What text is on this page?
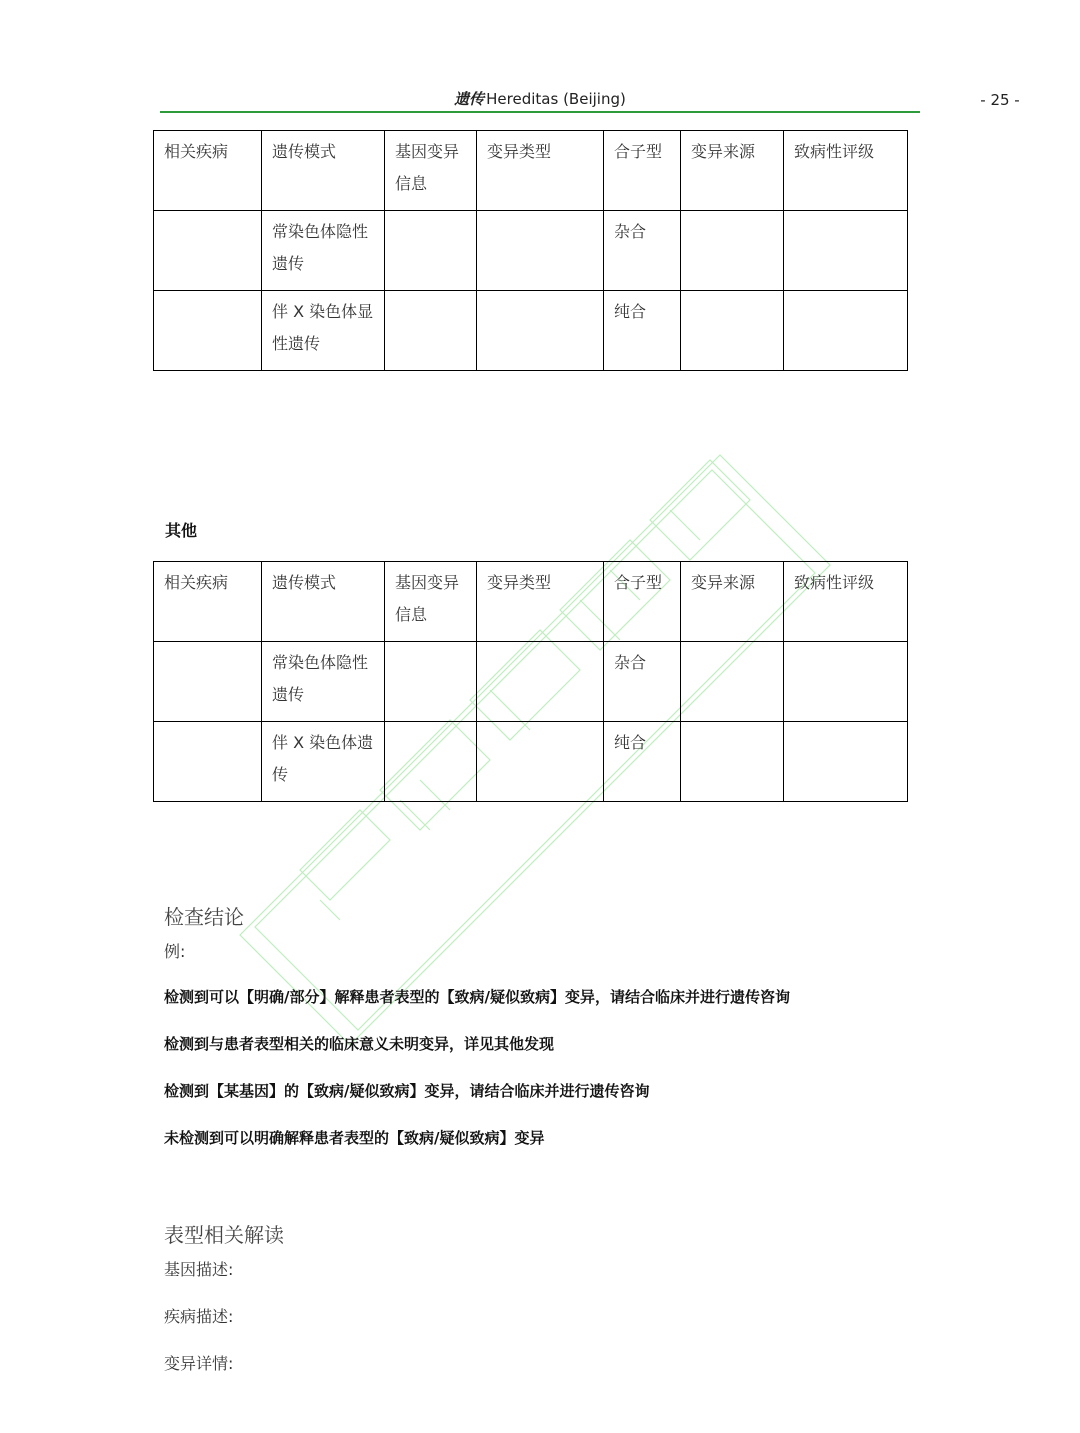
遗传 Hereditas (Beijing)	- 25 -
相关疾病	遗传模式	基因变异信息	变异类型	合子型	变异来源	致病性评级
	常染色体隐性遗传			杂合		
	伴 X 染色体显性遗传			纯合		
其他
相关疾病	遗传模式	基因变异信息	变异类型	合子型	变异来源	致病性评级
	常染色体隐性遗传			杂合		
	伴 X 染色体遗传			纯合		
检查结论
例:
检测到可以【明确/部分】解释患者表型的【致病/疑似致病】变异，请结合临床并进行遗传咨询
检测到与患者表型相关的临床意义未明变异，详见其他发现
检测到【某基因】的【致病/疑似致病】变异，请结合临床并进行遗传咨询
未检测到可以明确解释患者表型的【致病/疑似致病】变异
表型相关解读
基因描述:
疾病描述:
变异详情:
